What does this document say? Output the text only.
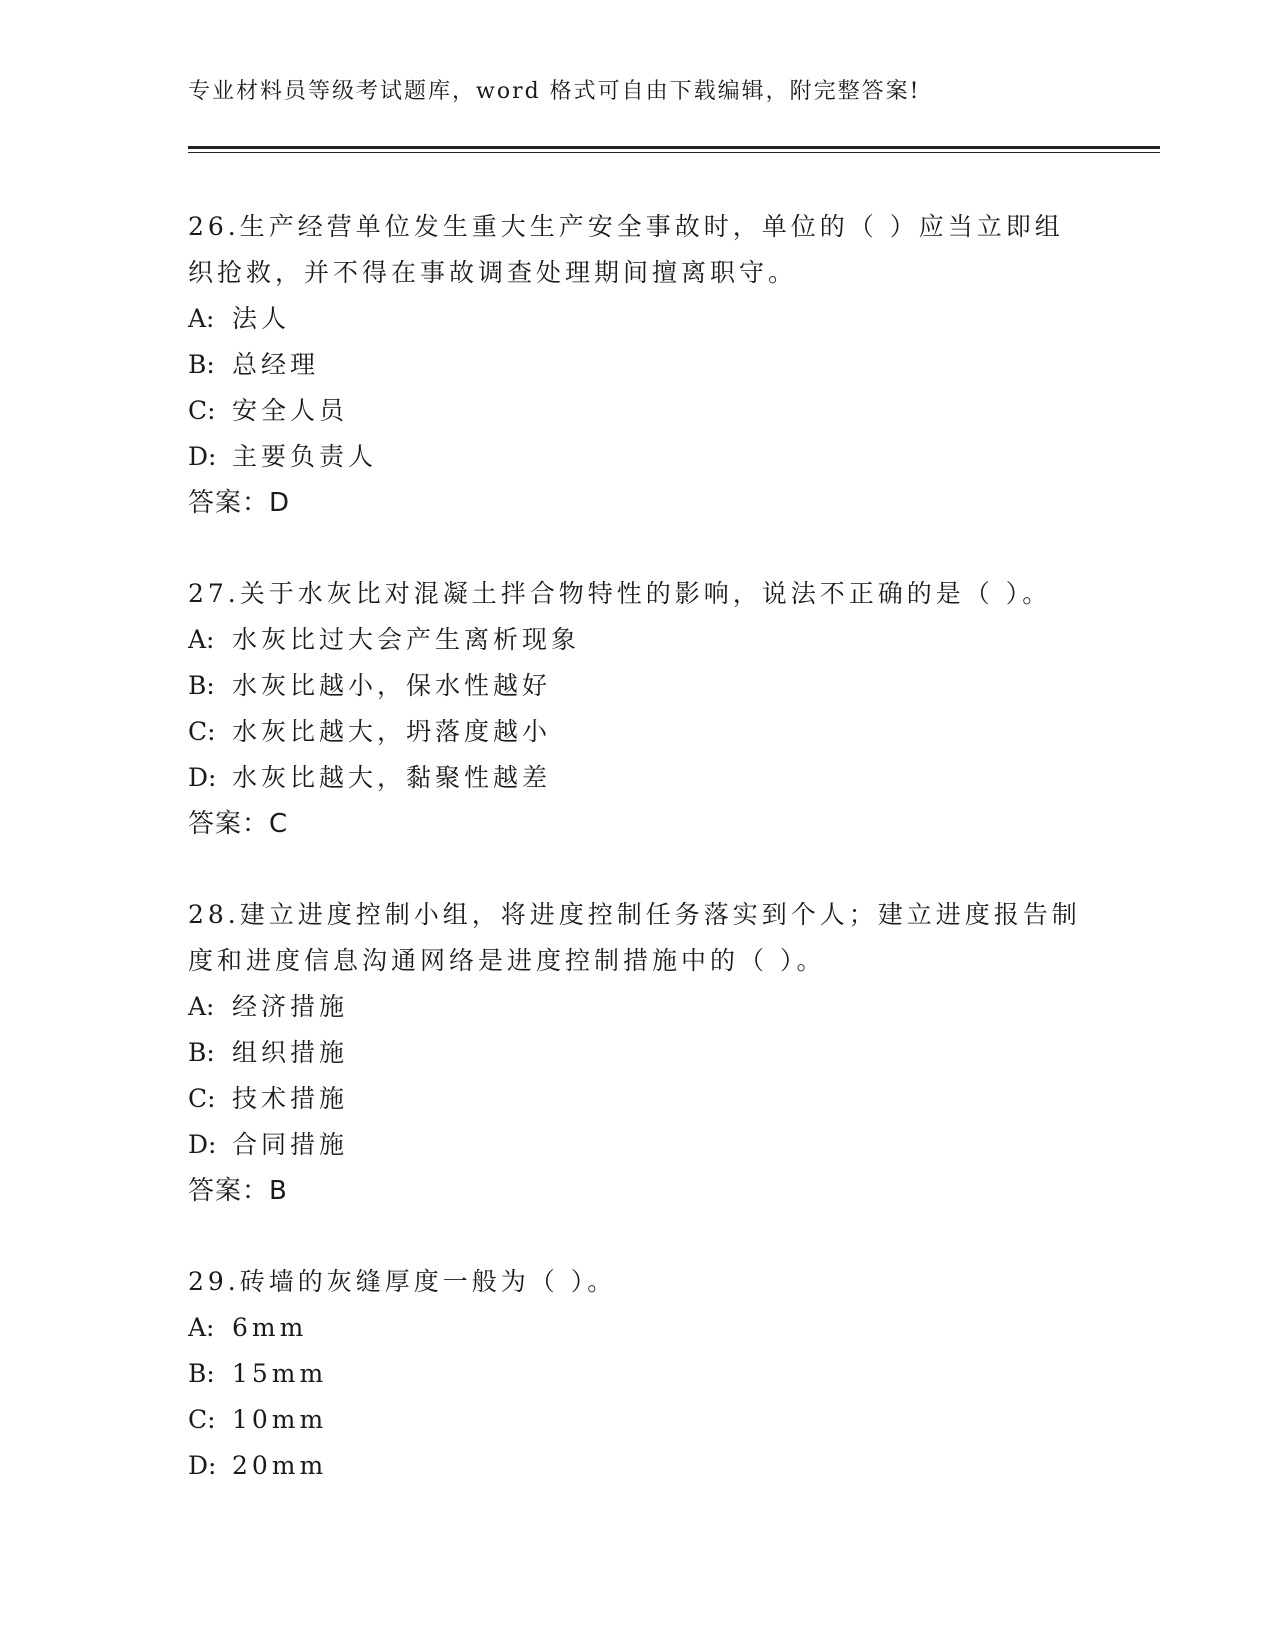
专业材料员等级考试题库，word 格式可自由下载编辑，附完整答案!

26.生产经营单位发生重大生产安全事故时，单位的（ ）应当立即组织抢救，并不得在事故调查处理期间擅离职守。

A: 法人

B: 总经理

C: 安全人员

D: 主要负责人

答案：D

27.关于水灰比对混凝土拌合物特性的影响，说法不正确的是（ ）。

A: 水灰比过大会产生离析现象

B: 水灰比越小，保水性越好

C: 水灰比越大，坍落度越小

D: 水灰比越大，黏聚性越差

答案：C

28.建立进度控制小组，将进度控制任务落实到个人；建立进度报告制度和进度信息沟通网络是进度控制措施中的（ ）。

A: 经济措施

B: 组织措施

C: 技术措施

D: 合同措施

答案：B

29.砖墙的灰缝厚度一般为（ ）。

A: 6mm

B: 15mm

C: 10mm

D: 20mm
